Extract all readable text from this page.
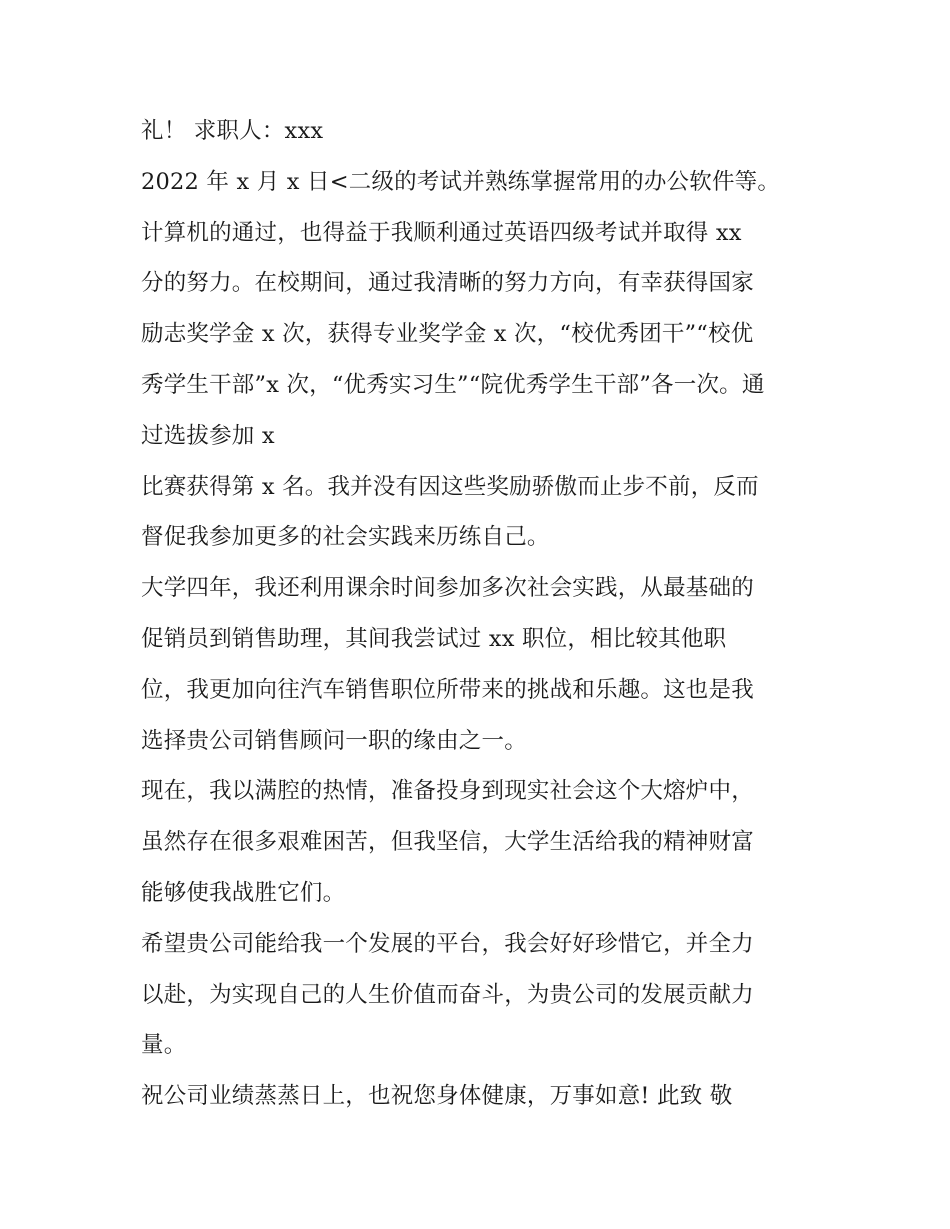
礼！ 求职人：xxx
2022 年 x 月 x 日<二级的考试并熟练掌握常用的办公软件等。
计算机的通过，也得益于我顺利通过英语四级考试并取得 xx
分的努力。在校期间，通过我清晰的努力方向，有幸获得国家
励志奖学金 x 次，获得专业奖学金 x 次，“校优秀团干”“校优
秀学生干部”x 次，“优秀实习生”“院优秀学生干部”各一次。通
过选拔参加 x
比赛获得第 x 名。我并没有因这些奖励骄傲而止步不前，反而
督促我参加更多的社会实践来历练自己。
大学四年，我还利用课余时间参加多次社会实践，从最基础的
促销员到销售助理，其间我尝试过 xx 职位，相比较其他职
位，我更加向往汽车销售职位所带来的挑战和乐趣。这也是我
选择贵公司销售顾问一职的缘由之一。
现在，我以满腔的热情，准备投身到现实社会这个大熔炉中，
虽然存在很多艰难困苦，但我坚信，大学生活给我的精神财富
能够使我战胜它们。
希望贵公司能给我一个发展的平台，我会好好珍惜它，并全力
以赴，为实现自己的人生价值而奋斗，为贵公司的发展贡献力
量。
祝公司业绩蒸蒸日上，也祝您身体健康，万事如意! 此致 敬
